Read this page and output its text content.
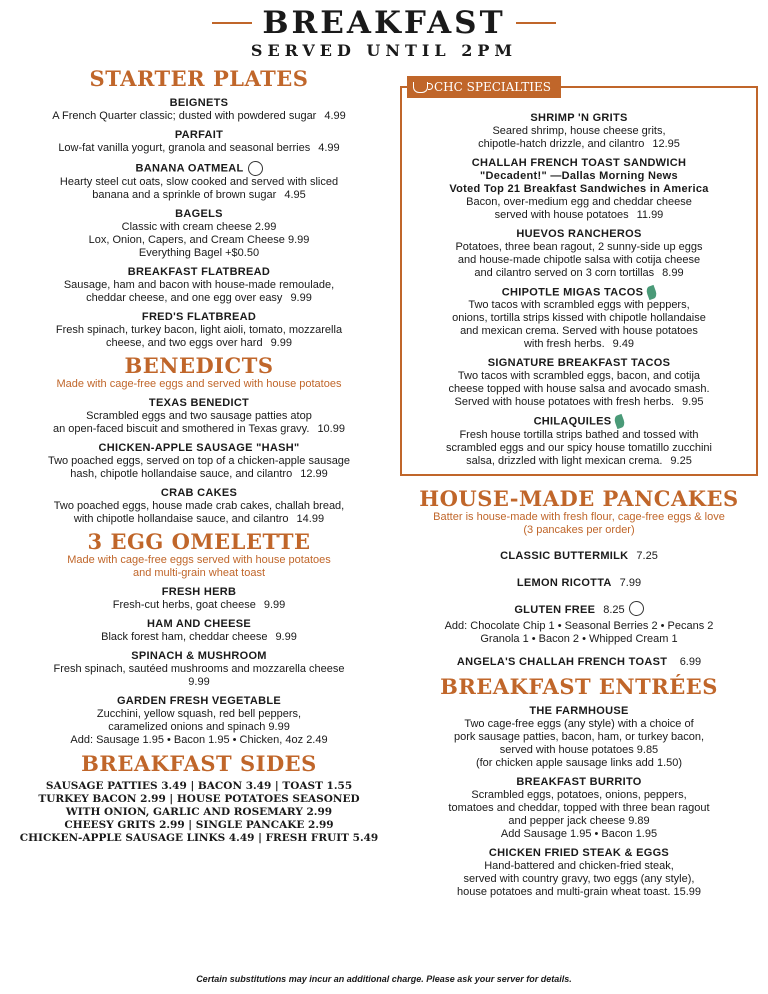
BREAKFAST
SERVED UNTIL 2PM
STARTER PLATES
BEIGNETS
A French Quarter classic; dusted with powdered sugar 4.99
PARFAIT
Low-fat vanilla yogurt, granola and seasonal berries 4.99
BANANA OATMEAL
Hearty steel cut oats, slow cooked and served with sliced
banana and a sprinkle of brown sugar 4.95
BAGELS
Classic with cream cheese 2.99
Lox, Onion, Capers, and Cream Cheese 9.99
Everything Bagel +$0.50
BREAKFAST FLATBREAD
Sausage, ham and bacon with house-made remoulade,
cheddar cheese, and one egg over easy 9.99
FRED'S FLATBREAD
Fresh spinach, turkey bacon, light aioli, tomato, mozzarella
cheese, and two eggs over hard 9.99
BENEDICTS
Made with cage-free eggs and served with house potatoes
TEXAS BENEDICT
Scrambled eggs and two sausage patties atop
an open-faced biscuit and smothered in Texas gravy. 10.99
CHICKEN-APPLE SAUSAGE "HASH"
Two poached eggs, served on top of a chicken-apple sausage
hash, chipotle hollandaise sauce, and cilantro 12.99
CRAB CAKES
Two poached eggs, house made crab cakes, challah bread,
with chipotle hollandaise sauce, and cilantro 14.99
3 EGG OMELETTE
Made with cage-free eggs served with house potatoes
and multi-grain wheat toast
FRESH HERB
Fresh-cut herbs, goat cheese 9.99
HAM AND CHEESE
Black forest ham, cheddar cheese 9.99
SPINACH & MUSHROOM
Fresh spinach, sautéed mushrooms and mozzarella cheese
9.99
GARDEN FRESH VEGETABLE
Zucchini, yellow squash, red bell peppers,
caramelized onions and spinach 9.99
Add: Sausage 1.95 • Bacon 1.95 • Chicken, 4oz 2.49
BREAKFAST SIDES
SAUSAGE PATTIES 3.49 | BACON 3.49 | TOAST 1.55
TURKEY BACON 2.99 | HOUSE POTATOES SEASONED
WITH ONION, GARLIC AND ROSEMARY 2.99
CHEESY GRITS 2.99 | SINGLE PANCAKE 2.99
CHICKEN-APPLE SAUSAGE LINKS 4.49 | FRESH FRUIT 5.49
CHC SPECIALTIES
SHRIMP 'N GRITS
Seared shrimp, house cheese grits,
chipotle-hatch drizzle, and cilantro 12.95
CHALLAH FRENCH TOAST SANDWICH
"Decadent!" —Dallas Morning News
Voted Top 21 Breakfast Sandwiches in America
Bacon, over-medium egg and cheddar cheese
served with house potatoes 11.99
HUEVOS RANCHEROS
Potatoes, three bean ragout, 2 sunny-side up eggs
and house-made chipotle salsa with cotija cheese
and cilantro served on 3 corn tortillas 8.99
CHIPOTLE MIGAS TACOS
Two tacos with scrambled eggs with peppers,
onions, tortilla strips kissed with chipotle hollandaise
and mexican crema. Served with house potatoes
with fresh herbs. 9.49
SIGNATURE BREAKFAST TACOS
Two tacos with scrambled eggs, bacon, and cotija
cheese topped with house salsa and avocado smash.
Served with house potatoes with fresh herbs. 9.95
CHILAQUILES
Fresh house tortilla strips bathed and tossed with
scrambled eggs and our spicy house tomatillo zucchini
salsa, drizzled with light mexican crema. 9.25
HOUSE-MADE PANCAKES
Batter is house-made with fresh flour, cage-free eggs & love
(3 pancakes per order)
CLASSIC BUTTERMILK 7.25
LEMON RICOTTA 7.99
GLUTEN FREE 8.25
Add: Chocolate Chip 1 • Seasonal Berries 2 • Pecans 2
Granola 1 • Bacon 2 • Whipped Cream 1
ANGELA'S CHALLAH FRENCH TOAST 6.99
BREAKFAST ENTRÉES
THE FARMHOUSE
Two cage-free eggs (any style) with a choice of
pork sausage patties, bacon, ham, or turkey bacon,
served with house potatoes 9.85
(for chicken apple sausage links add 1.50)
BREAKFAST BURRITO
Scrambled eggs, potatoes, onions, peppers,
tomatoes and cheddar, topped with three bean ragout
and pepper jack cheese 9.89
Add Sausage 1.95 • Bacon 1.95
CHICKEN FRIED STEAK & EGGS
Hand-battered and chicken-fried steak,
served with country gravy, two eggs (any style),
house potatoes and multi-grain wheat toast. 15.99
Certain substitutions may incur an additional charge. Please ask your server for details.
